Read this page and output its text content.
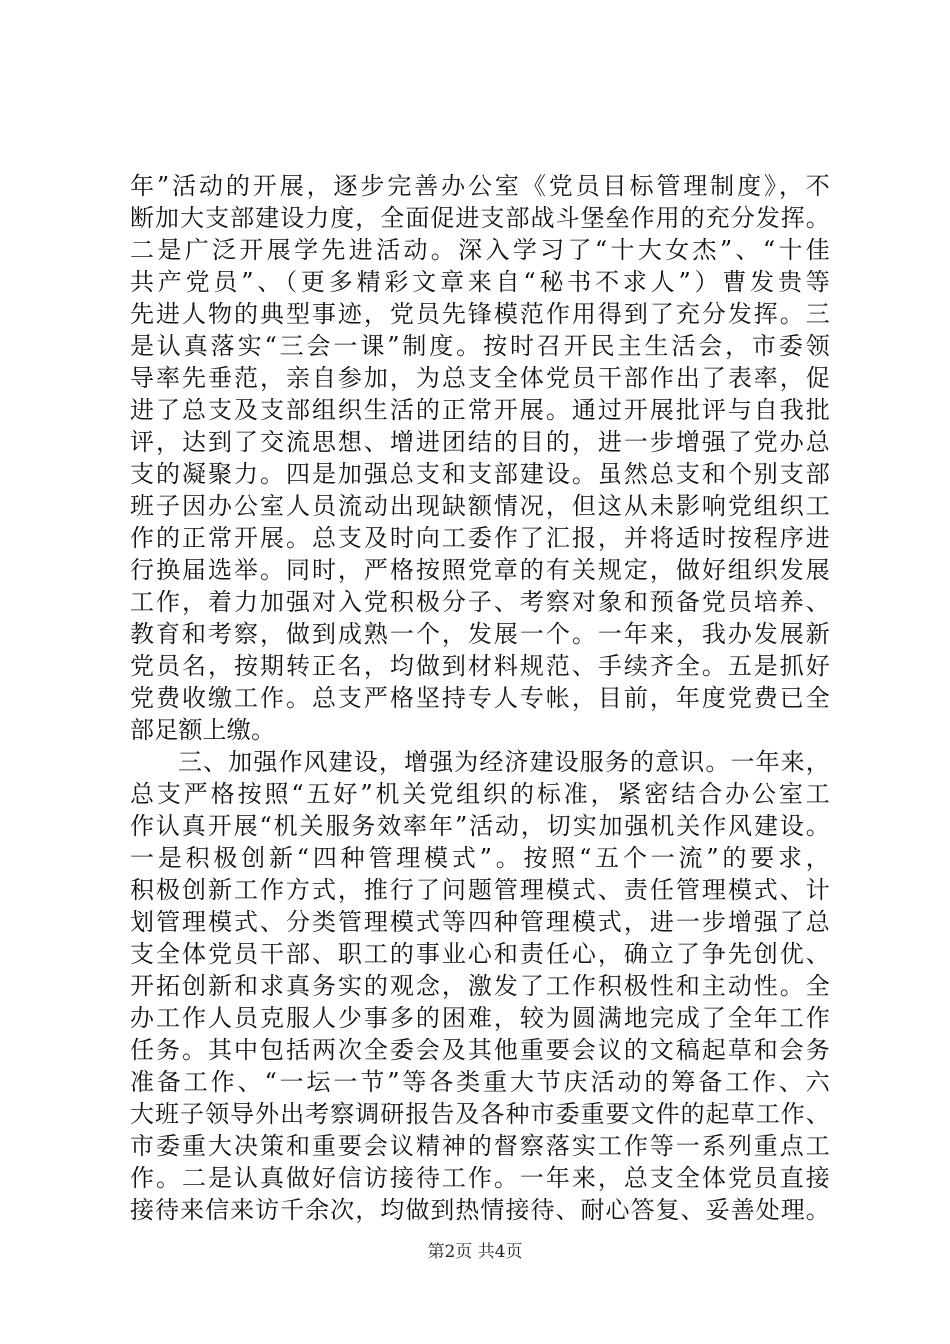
年”活动的开展，逐步完善办公室《党员目标管理制度》，不
断加大支部建设力度，全面促进支部战斗堡垒作用的充分发挥。
二是广泛开展学先进活动。深入学习了“十大女杰”、“十佳
共产党员”、（更多精彩文章来自“秘书不求人”）曹发贵等
先进人物的典型事迹，党员先锋模范作用得到了充分发挥。三
是认真落实“三会一课”制度。按时召开民主生活会，市委领
导率先垂范，亲自参加，为总支全体党员干部作出了表率，促
进了总支及支部组织生活的正常开展。通过开展批评与自我批
评，达到了交流思想、增进团结的目的，进一步增强了党办总
支的凝聚力。四是加强总支和支部建设。虽然总支和个别支部
班子因办公室人员流动出现缺额情况，但这从未影响党组织工
作的正常开展。总支及时向工委作了汇报，并将适时按程序进
行换届选举。同时，严格按照党章的有关规定，做好组织发展
工作，着力加强对入党积极分子、考察对象和预备党员培养、
教育和考察，做到成熟一个，发展一个。一年来，我办发展新
党员名，按期转正名，均做到材料规范、手续齐全。五是抓好
党费收缴工作。总支严格坚持专人专帐，目前，年度党费已全
部足额上缴。
三、加强作风建设，增强为经济建设服务的意识。一年来，
总支严格按照“五好”机关党组织的标准，紧密结合办公室工
作认真开展“机关服务效率年”活动，切实加强机关作风建设。
一是积极创新“四种管理模式”。按照“五个一流”的要求，
积极创新工作方式，推行了问题管理模式、责任管理模式、计
划管理模式、分类管理模式等四种管理模式，进一步增强了总
支全体党员干部、职工的事业心和责任心，确立了争先创优、
开拓创新和求真务实的观念，激发了工作积极性和主动性。全
办工作人员克服人少事多的困难，较为圆满地完成了全年工作
任务。其中包括两次全委会及其他重要会议的文稿起草和会务
准备工作、“一坛一节”等各类重大节庆活动的筹备工作、六
大班子领导外出考察调研报告及各种市委重要文件的起草工作、
市委重大决策和重要会议精神的督察落实工作等一系列重点工
作。二是认真做好信访接待工作。一年来，总支全体党员直接
接待来信来访千余次，均做到热情接待、耐心答复、妥善处理。
第2页 共4页
